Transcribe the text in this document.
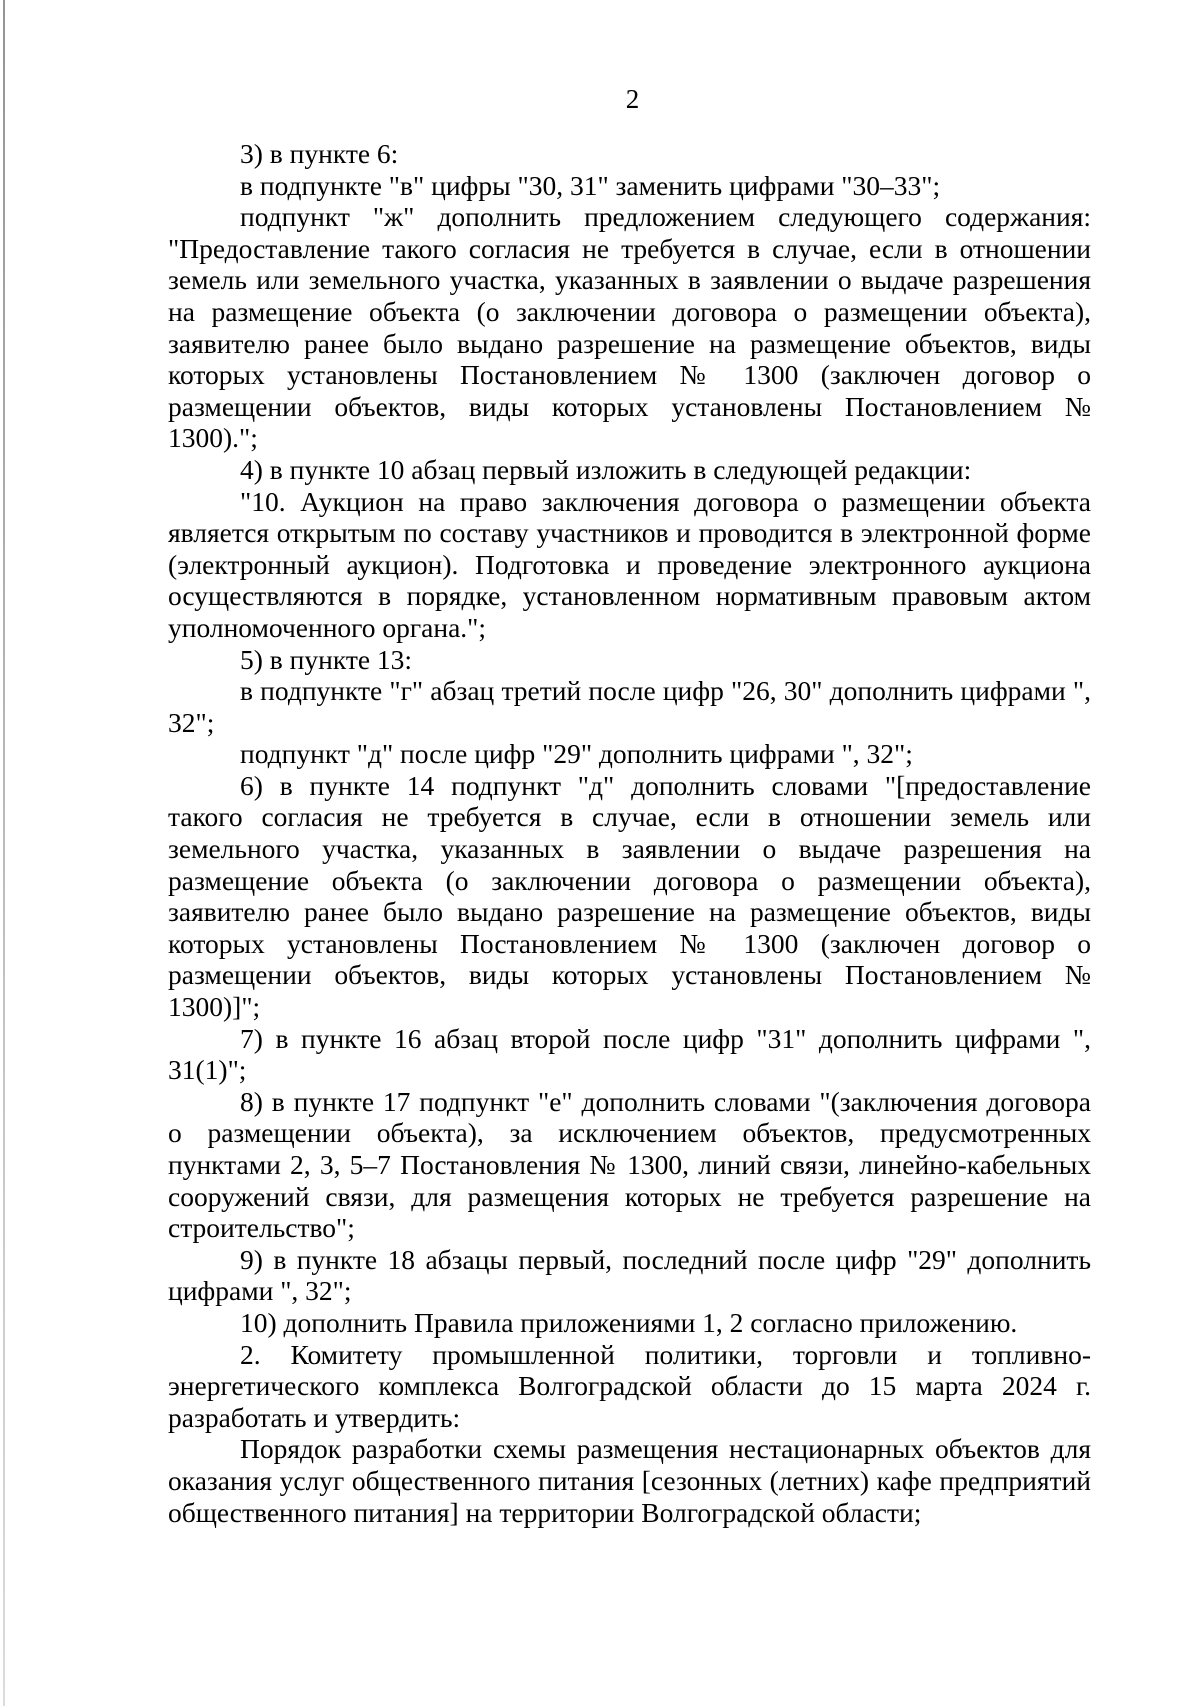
2

3) в пункте 6:

в подпункте "в" цифры "30, 31" заменить цифрами "30–33";

подпункт "ж" дополнить предложением следующего содержания: "Предоставление такого согласия не требуется в случае, если в отношении земель или земельного участка, указанных в заявлении о выдаче разрешения на размещение объекта (о заключении договора о размещении объекта), заявителю ранее было выдано разрешение на размещение объектов, виды которых установлены Постановлением № 1300 (заключен договор о размещении объектов, виды которых установлены Постановлением № 1300).";

4) в пункте 10 абзац первый изложить в следующей редакции:

"10. Аукцион на право заключения договора о размещении объекта является открытым по составу участников и проводится в электронной форме (электронный аукцион). Подготовка и проведение электронного аукциона осуществляются в порядке, установленном нормативным правовым актом уполномоченного органа.";

5) в пункте 13:

в подпункте "г" абзац третий после цифр "26, 30" дополнить цифрами ", 32";

подпункт "д" после цифр "29" дополнить цифрами ", 32";

6) в пункте 14 подпункт "д" дополнить словами "[предоставление такого согласия не требуется в случае, если в отношении земель или земельного участка, указанных в заявлении о выдаче разрешения на размещение объекта (о заключении договора о размещении объекта), заявителю ранее было выдано разрешение на размещение объектов, виды которых установлены Постановлением № 1300 (заключен договор о размещении объектов, виды которых установлены Постановлением № 1300)]";

7) в пункте 16 абзац второй после цифр "31" дополнить цифрами ", 31(1)";

8) в пункте 17 подпункт "е" дополнить словами "(заключения договора о размещении объекта), за исключением объектов, предусмотренных пунктами 2, 3, 5–7 Постановления № 1300, линий связи, линейно-кабельных сооружений связи, для размещения которых не требуется разрешение на строительство";

9) в пункте 18 абзацы первый, последний после цифр "29" дополнить цифрами ", 32";

10) дополнить Правила приложениями 1, 2 согласно приложению.

2. Комитету промышленной политики, торговли и топливно-энергетического комплекса Волгоградской области до 15 марта 2024 г. разработать и утвердить:

Порядок разработки схемы размещения нестационарных объектов для оказания услуг общественного питания [сезонных (летних) кафе предприятий общественного питания] на территории Волгоградской области;
